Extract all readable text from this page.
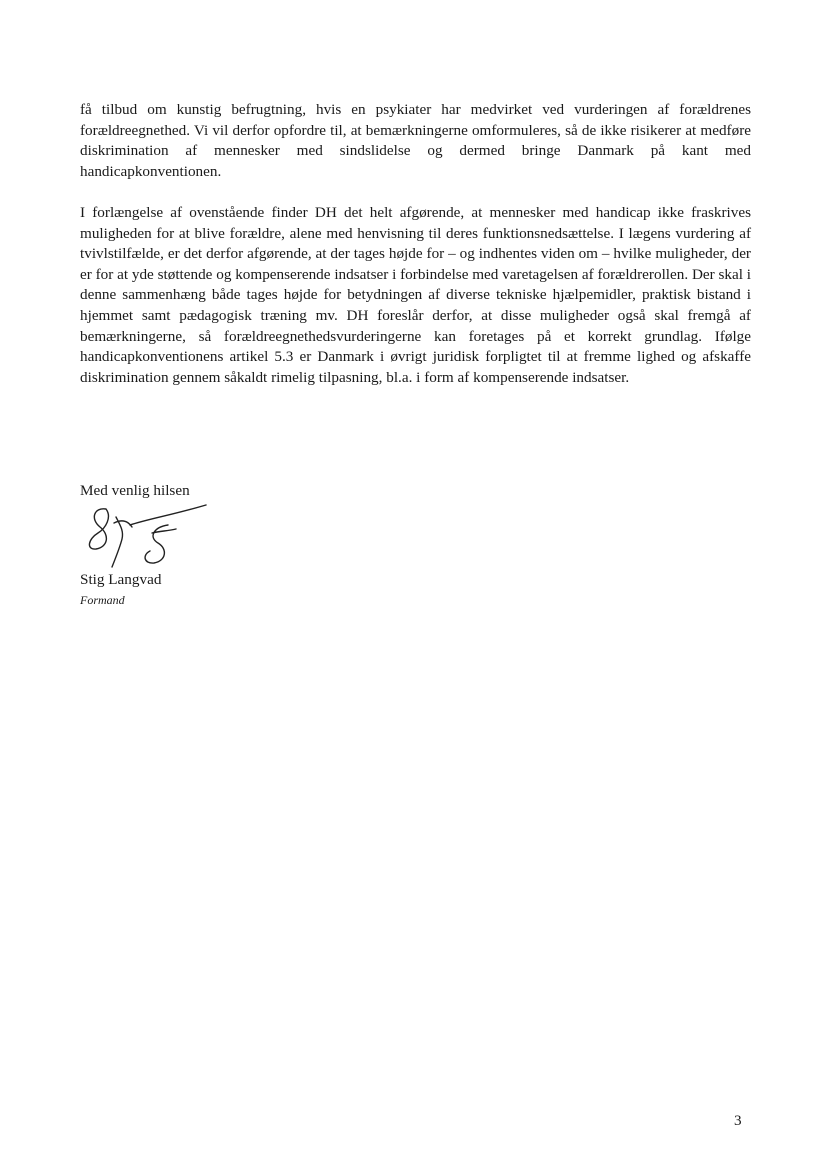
få tilbud om kunstig befrugtning, hvis en psykiater har medvirket ved vurderingen af forældrenes forældreegnethed. Vi vil derfor opfordre til, at bemærkningerne omformuleres, så de ikke risikerer at medføre diskrimination af mennesker med sindslidelse og dermed bringe Danmark på kant med handicapkonventionen.

I forlængelse af ovenstående finder DH det helt afgørende, at mennesker med handicap ikke fraskrives muligheden for at blive forældre, alene med henvisning til deres funktionsnedsættelse. I lægens vurdering af tvivlstilfælde, er det derfor afgørende, at der tages højde for – og indhentes viden om – hvilke muligheder, der er for at yde støttende og kompenserende indsatser i forbindelse med varetagelsen af forældrerollen. Der skal i denne sammenhæng både tages højde for betydningen af diverse tekniske hjælpemidler, praktisk bistand i hjemmet samt pædagogisk træning mv. DH foreslår derfor, at disse muligheder også skal fremgå af bemærkningerne, så forældreegnethedsvurderingerne kan foretages på et korrekt grundlag. Ifølge handicapkonventionens artikel 5.3 er Danmark i øvrigt juridisk forpligtet til at fremme lighed og afskaffe diskrimination gennem såkaldt rimelig tilpasning, bl.a. i form af kompenserende indsatser.

Med venlig hilsen
Stig Langvad
Formand
3
